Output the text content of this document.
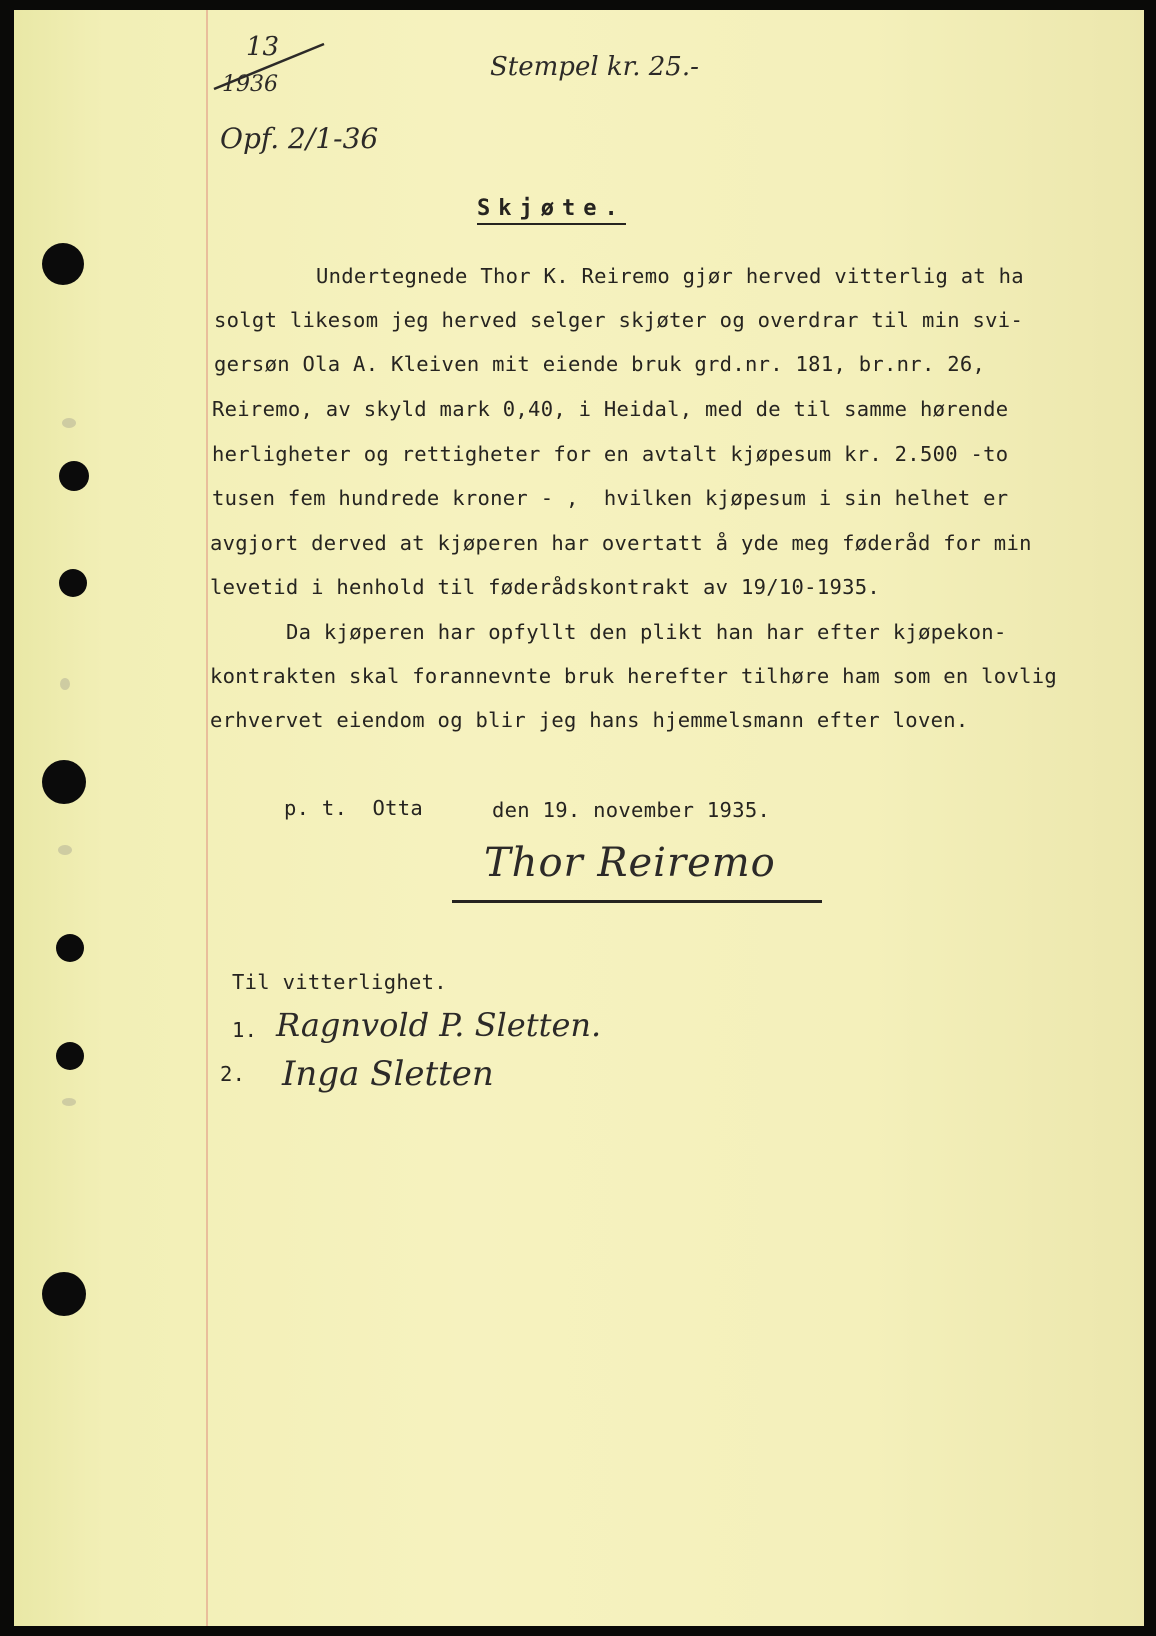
13
1936
Opf. 2/1-36
Stempel kr. 25.-
Skjøte.
Undertegnede Thor K. Reiremo gjør herved vitterlig at ha
solgt likesom jeg herved selger skjøter og overdrar til min svi-
gersøn Ola A. Kleiven mit eiende bruk grd.nr. 181, br.nr. 26,
Reiremo, av skyld mark 0,40, i Heidal, med de til samme hørende
herligheter og rettigheter for en avtalt kjøpesum kr. 2.500 -to
tusen fem hundrede kroner - ,  hvilken kjøpesum i sin helhet er
avgjort derved at kjøperen har overtatt å yde meg føderåd for min
levetid i henhold til føderådskontrakt av 19/10-1935.
Da kjøperen har opfyllt den plikt han har efter kjøpekon-
kontrakten skal forannevnte bruk herefter tilhøre ham som en lovlig
erhvervet eiendom og blir jeg hans hjemmelsmann efter loven.
p. t.  Otta	den 19. november 1935.
Thor Reiremo
Til vitterlighet.
1. Ragnvold P. Sletten.
2. Inga Sletten
